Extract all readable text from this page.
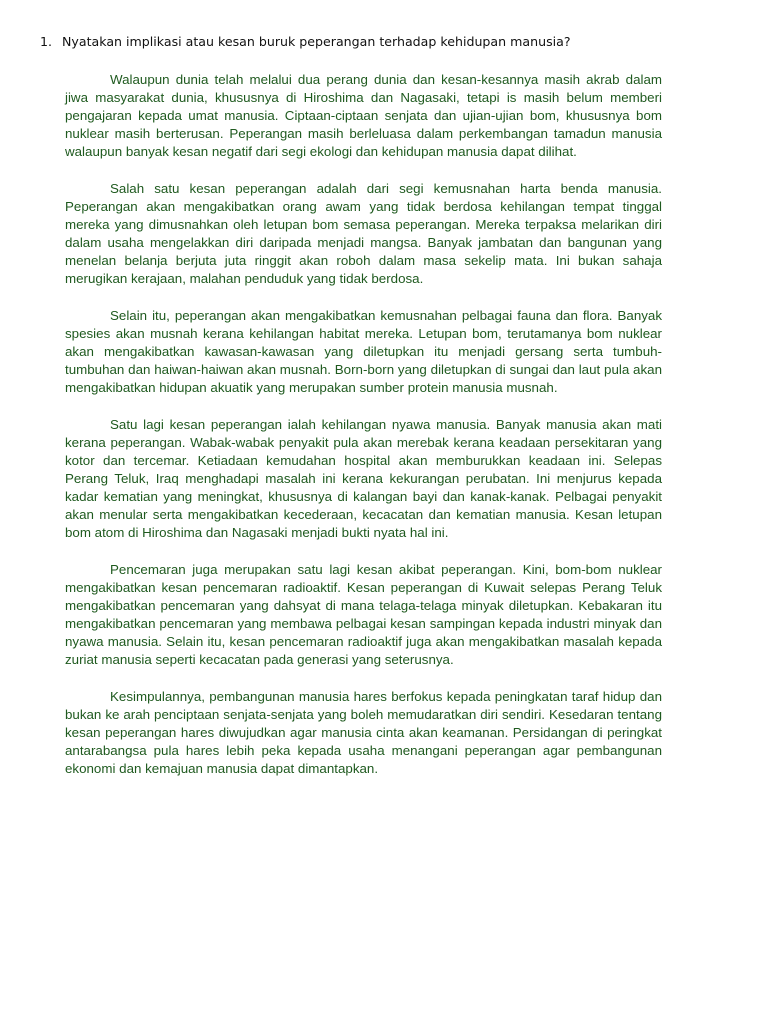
1. Nyatakan implikasi atau kesan buruk peperangan terhadap kehidupan manusia?

Walaupun dunia telah melalui dua perang dunia dan kesan-kesannya masih akrab dalam jiwa masyarakat dunia, khususnya di Hiroshima dan Nagasaki, tetapi is masih belum memberi pengajaran kepada umat manusia. Ciptaan-ciptaan senjata dan ujian-ujian bom, khususnya bom nuklear masih berterusan. Peperangan masih berleluasa dalam perkembangan tamadun manusia walaupun banyak kesan negatif dari segi ekologi dan kehidupan manusia dapat dilihat.

Salah satu kesan peperangan adalah dari segi kemusnahan harta benda manusia. Peperangan akan mengakibatkan orang awam yang tidak berdosa kehilangan tempat tinggal mereka yang dimusnahkan oleh letupan bom semasa peperangan. Mereka terpaksa melarikan diri dalam usaha mengelakkan diri daripada menjadi mangsa. Banyak jambatan dan bangunan yang menelan belanja berjuta juta ringgit akan roboh dalam masa sekelip mata. Ini bukan sahaja merugikan kerajaan, malahan penduduk yang tidak berdosa.

Selain itu, peperangan akan mengakibatkan kemusnahan pelbagai fauna dan flora. Banyak spesies akan musnah kerana kehilangan habitat mereka. Letupan bom, terutamanya bom nuklear akan mengakibatkan kawasan-kawasan yang diletupkan itu menjadi gersang serta tumbuh-tumbuhan dan haiwan-haiwan akan musnah. Born-born yang diletupkan di sungai dan laut pula akan mengakibatkan hidupan akuatik yang merupakan sumber protein manusia musnah.

Satu lagi kesan peperangan ialah kehilangan nyawa manusia. Banyak manusia akan mati kerana peperangan. Wabak-wabak penyakit pula akan merebak kerana keadaan persekitaran yang kotor dan tercemar. Ketiadaan kemudahan hospital akan memburukkan keadaan ini. Selepas Perang Teluk, Iraq menghadapi masalah ini kerana kekurangan perubatan. Ini menjurus kepada kadar kematian yang meningkat, khususnya di kalangan bayi dan kanak-kanak. Pelbagai penyakit akan menular serta mengakibatkan kecederaan, kecacatan dan kematian manusia. Kesan letupan bom atom di Hiroshima dan Nagasaki menjadi bukti nyata hal ini.

Pencemaran juga merupakan satu lagi kesan akibat peperangan. Kini, bom-bom nuklear mengakibatkan kesan pencemaran radioaktif. Kesan peperangan di Kuwait selepas Perang Teluk mengakibatkan pencemaran yang dahsyat di mana telaga-telaga minyak diletupkan. Kebakaran itu mengakibatkan pencemaran yang membawa pelbagai kesan sampingan kepada industri minyak dan nyawa manusia. Selain itu, kesan pencemaran radioaktif juga akan mengakibatkan masalah kepada zuriat manusia seperti kecacatan pada generasi yang seterusnya.

Kesimpulannya, pembangunan manusia hares berfokus kepada peningkatan taraf hidup dan bukan ke arah penciptaan senjata-senjata yang boleh memudaratkan diri sendiri. Kesedaran tentang kesan peperangan hares diwujudkan agar manusia cinta akan keamanan. Persidangan di peringkat antarabangsa pula hares lebih peka kepada usaha menangani peperangan agar pembangunan ekonomi dan kemajuan manusia dapat dimantapkan.
